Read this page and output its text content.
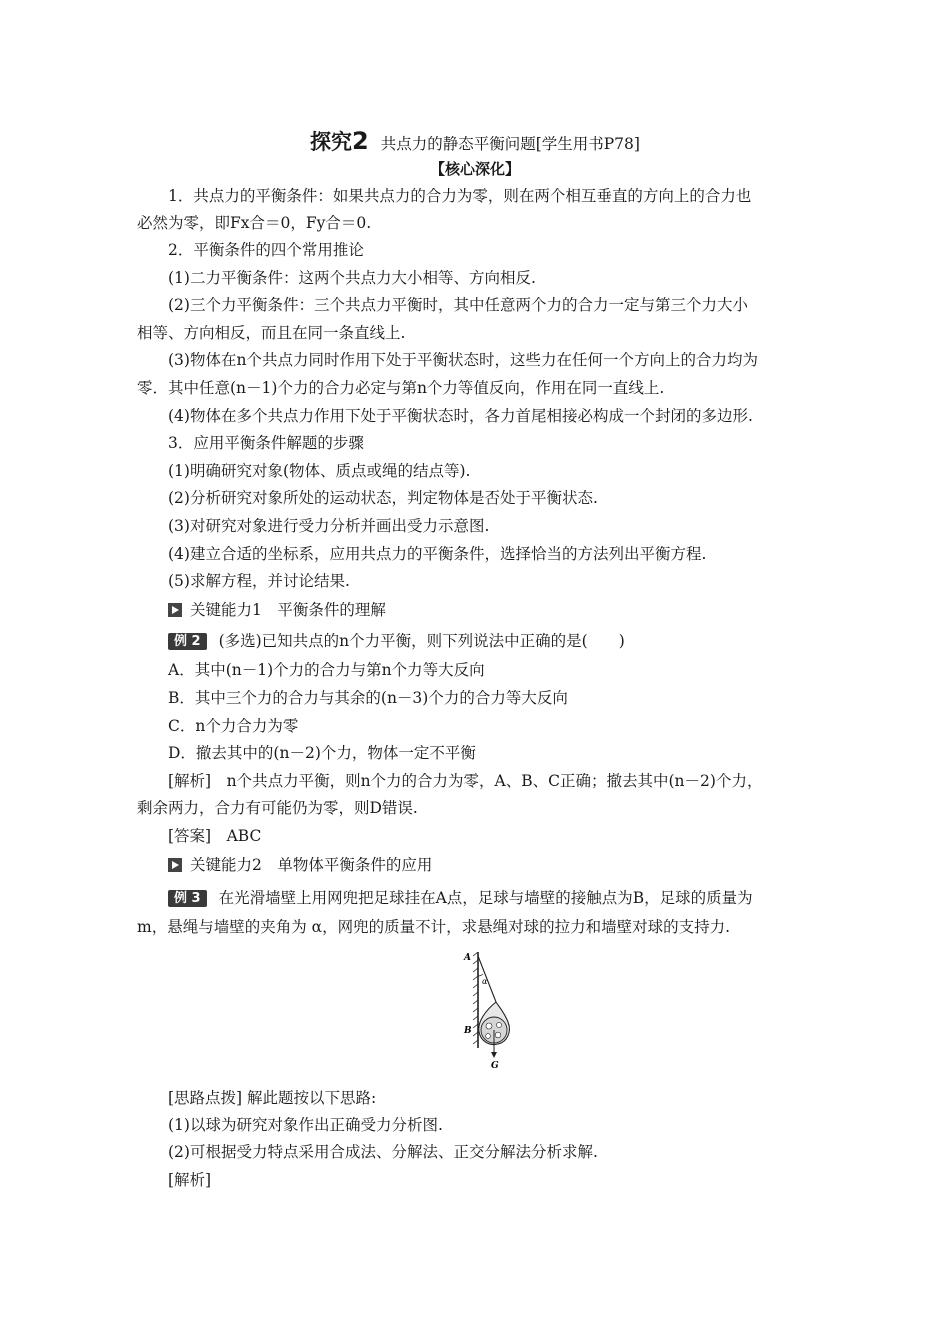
探究2 共点力的静态平衡问题[学生用书P78]
【核心深化】
1．共点力的平衡条件：如果共点力的合力为零，则在两个相互垂直的方向上的合力也
必然为零，即Fx合＝0，Fy合＝0.
2．平衡条件的四个常用推论
(1)二力平衡条件：这两个共点力大小相等、方向相反.
(2)三个力平衡条件：三个共点力平衡时，其中任意两个力的合力一定与第三个力大小
相等、方向相反，而且在同一条直线上.
(3)物体在n个共点力同时作用下处于平衡状态时，这些力在任何一个方向上的合力均为
零．其中任意(n－1)个力的合力必定与第n个力等值反向，作用在同一直线上.
(4)物体在多个共点力作用下处于平衡状态时，各力首尾相接必构成一个封闭的多边形.
3．应用平衡条件解题的步骤
(1)明确研究对象(物体、质点或绳的结点等).
(2)分析研究对象所处的运动状态，判定物体是否处于平衡状态.
(3)对研究对象进行受力分析并画出受力示意图.
(4)建立合适的坐标系，应用共点力的平衡条件，选择恰当的方法列出平衡方程.
(5)求解方程，并讨论结果.
关键能力1　平衡条件的理解
例 2 (多选)已知共点的n个力平衡，则下列说法中正确的是(　　)
A．其中(n－1)个力的合力与第n个力等大反向
B．其中三个力的合力与其余的(n－3)个力的合力等大反向
C．n个力合力为零
D．撤去其中的(n－2)个力，物体一定不平衡
[解析]　n个共点力平衡，则n个力的合力为零，A、B、C正确；撤去其中(n－2)个力，
剩余两力，合力有可能仍为零，则D错误.
[答案]　ABC
关键能力2　单物体平衡条件的应用
例 3 在光滑墙壁上用网兜把足球挂在A点，足球与墙壁的接触点为B，足球的质量为
m，悬绳与墙壁的夹角为 α，网兜的质量不计，求悬绳对球的拉力和墙壁对球的支持力.
A
B
α
G
[思路点拨] 解此题按以下思路:
(1)以球为研究对象作出正确受力分析图.
(2)可根据受力特点采用合成法、分解法、正交分解法分析求解.
[解析]
